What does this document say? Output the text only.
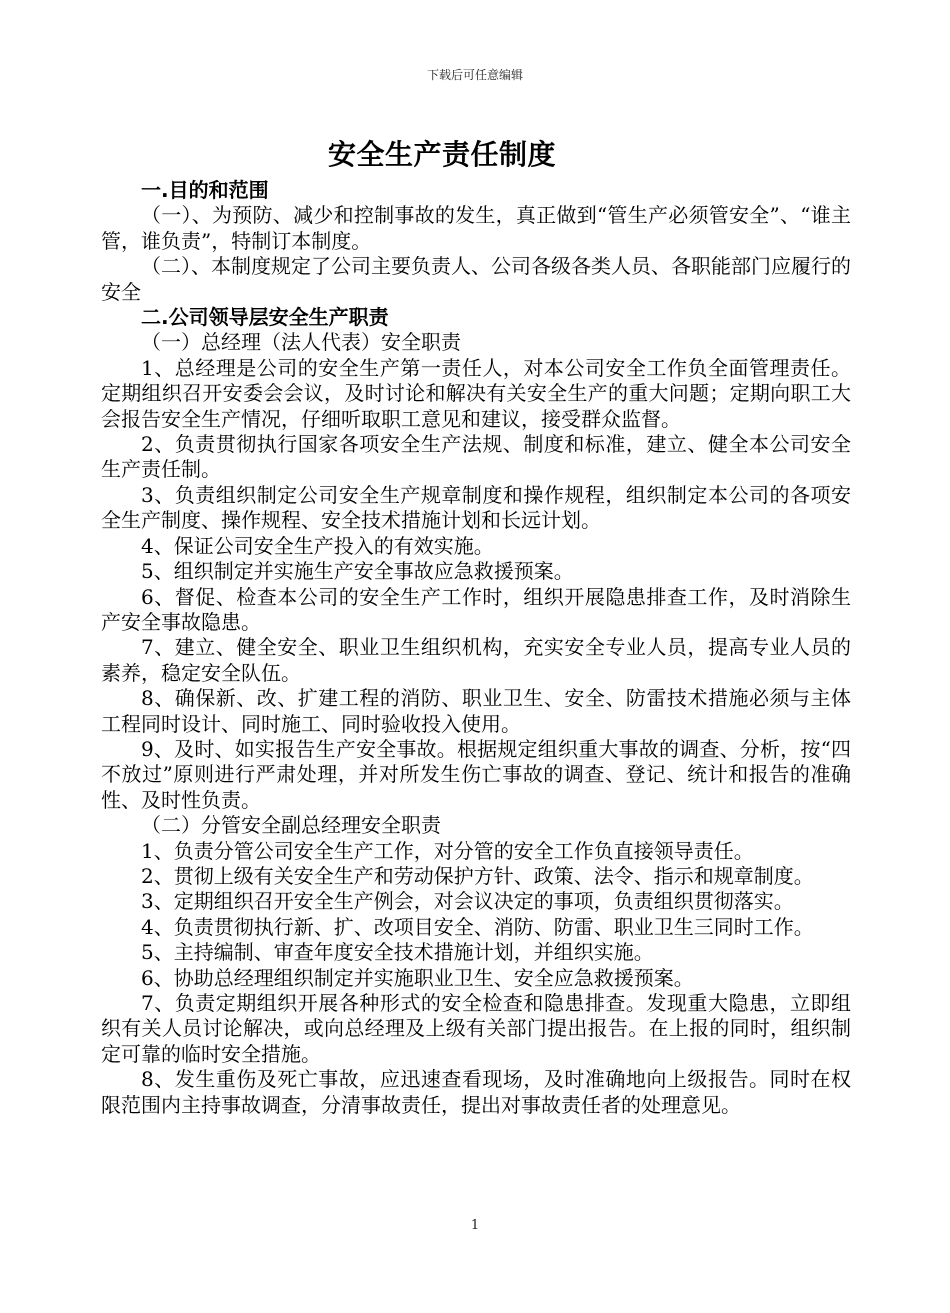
下载后可任意编辑
安全生产责任制度

一.目的和范围

（一）、为预防、减少和控制事故的发生，真正做到“管生产必须管安全”、“谁主管，谁负责”，特制订本制度。

（二）、本制度规定了公司主要负责人、公司各级各类人员、各职能部门应履行的安全

二.公司领导层安全生产职责

（一）总经理（法人代表）安全职责

1、总经理是公司的安全生产第一责任人，对本公司安全工作负全面管理责任。定期组织召开安委会会议，及时讨论和解决有关安全生产的重大问题；定期向职工大会报告安全生产情况，仔细听取职工意见和建议，接受群众监督。

2、负责贯彻执行国家各项安全生产法规、制度和标准，建立、健全本公司安全生产责任制。

3、负责组织制定公司安全生产规章制度和操作规程，组织制定本公司的各项安全生产制度、操作规程、安全技术措施计划和长远计划。

4、保证公司安全生产投入的有效实施。

5、组织制定并实施生产安全事故应急救援预案。

6、督促、检查本公司的安全生产工作时，组织开展隐患排查工作，及时消除生产安全事故隐患。

7、建立、健全安全、职业卫生组织机构，充实安全专业人员，提高专业人员的素养，稳定安全队伍。

8、确保新、改、扩建工程的消防、职业卫生、安全、防雷技术措施必须与主体工程同时设计、同时施工、同时验收投入使用。

9、及时、如实报告生产安全事故。根据规定组织重大事故的调查、分析，按“四不放过”原则进行严肃处理，并对所发生伤亡事故的调查、登记、统计和报告的准确性、及时性负责。

（二）分管安全副总经理安全职责

1、负责分管公司安全生产工作，对分管的安全工作负直接领导责任。

2、贯彻上级有关安全生产和劳动保护方针、政策、法令、指示和规章制度。

3、定期组织召开安全生产例会，对会议决定的事项，负责组织贯彻落实。

4、负责贯彻执行新、扩、改项目安全、消防、防雷、职业卫生三同时工作。

5、主持编制、审查年度安全技术措施计划，并组织实施。

6、协助总经理组织制定并实施职业卫生、安全应急救援预案。

7、负责定期组织开展各种形式的安全检查和隐患排查。发现重大隐患，立即组织有关人员讨论解决，或向总经理及上级有关部门提出报告。在上报的同时，组织制定可靠的临时安全措施。

8、发生重伤及死亡事故，应迅速查看现场，及时准确地向上级报告。同时在权限范围内主持事故调查，分清事故责任，提出对事故责任者的处理意见。

1
